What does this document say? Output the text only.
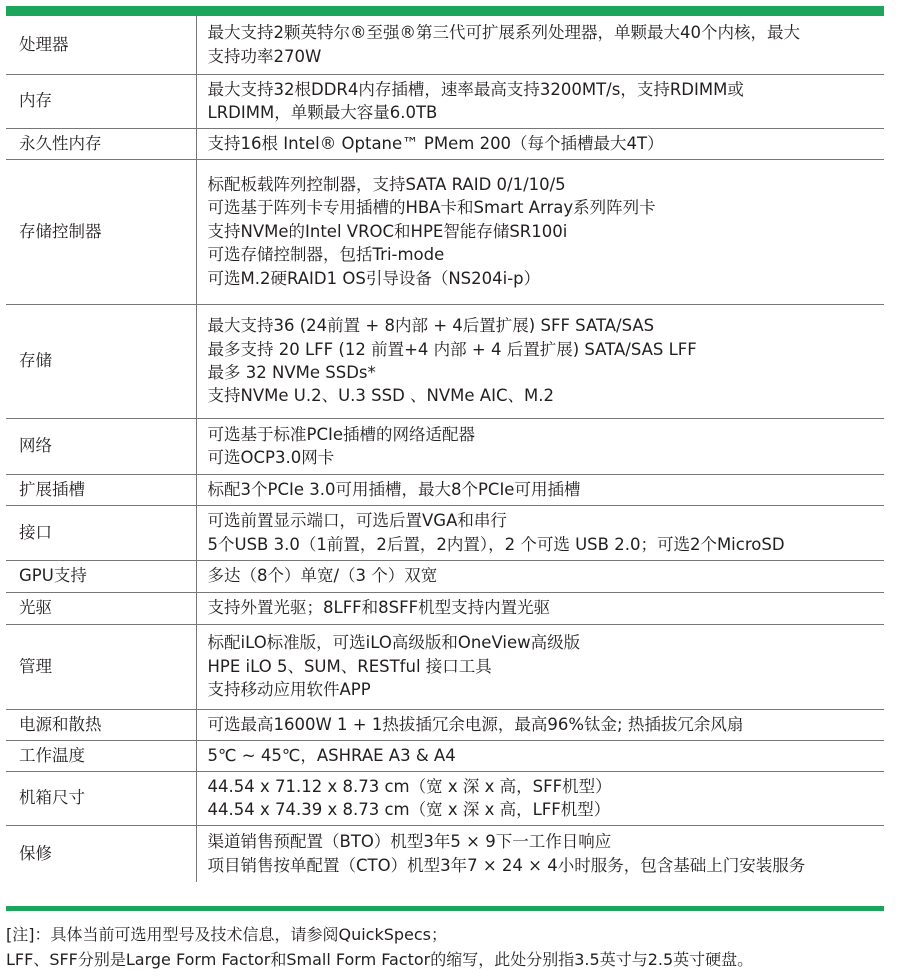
处理器	最大支持2颗英特尔®至强®第三代可扩展系列处理器，单颗最大40个内核，最大
支持功率270W

内存	最大支持32根DDR4内存插槽，速率最高支持3200MT/s，支持RDIMM或
LRDIMM，单颗最大容量6.0TB

永久性内存	支持16根 Intel® Optane™ PMem 200（每个插槽最大4T）

存储控制器	标配板载阵列控制器，支持SATA RAID 0/1/10/5
可选基于阵列卡专用插槽的HBA卡和Smart Array系列阵列卡
支持NVMe的Intel VROC和HPE智能存储SR100i
可选存储控制器，包括Tri-mode
可选M.2硬RAID1 OS引导设备（NS204i-p）

存储	最大支持36 (24前置 + 8内部 + 4后置扩展) SFF SATA/SAS
最多支持 20 LFF (12 前置+4 内部 + 4 后置扩展) SATA/SAS LFF
最多 32 NVMe SSDs*
支持NVMe U.2、U.3 SSD 、NVMe AIC、M.2

网络	可选基于标准PCIe插槽的网络适配器
可选OCP3.0网卡

扩展插槽	标配3个PCIe 3.0可用插槽，最大8个PCIe可用插槽

接口	可选前置显示端口，可选后置VGA和串行
5个USB 3.0（1前置，2后置，2内置），2 个可选 USB 2.0；可选2个MicroSD

GPU支持	多达（8个）单宽/（3 个）双宽

光驱	支持外置光驱；8LFF和8SFF机型支持内置光驱

管理	标配iLO标准版，可选iLO高级版和OneView高级版
HPE iLO 5、SUM、RESTful 接口工具
支持移动应用软件APP

电源和散热	可选最高1600W 1 + 1热拔插冗余电源，最高96%钛金; 热插拔冗余风扇

工作温度	5℃ ~ 45℃，ASHRAE A3 & A4

机箱尺寸	44.54 x 71.12 x 8.73 cm（宽 x 深 x 高，SFF机型）
44.54 x 74.39 x 8.73 cm（宽 x 深 x 高，LFF机型）

保修	渠道销售预配置（BTO）机型3年5 × 9下一工作日响应
项目销售按单配置（CTO）机型3年7 × 24 × 4小时服务，包含基础上门安装服务
[注]：具体当前可选用型号及技术信息，请参阅QuickSpecs；
LFF、SFF分别是Large Form Factor和Small Form Factor的缩写，此处分别指3.5英寸与2.5英寸硬盘。
